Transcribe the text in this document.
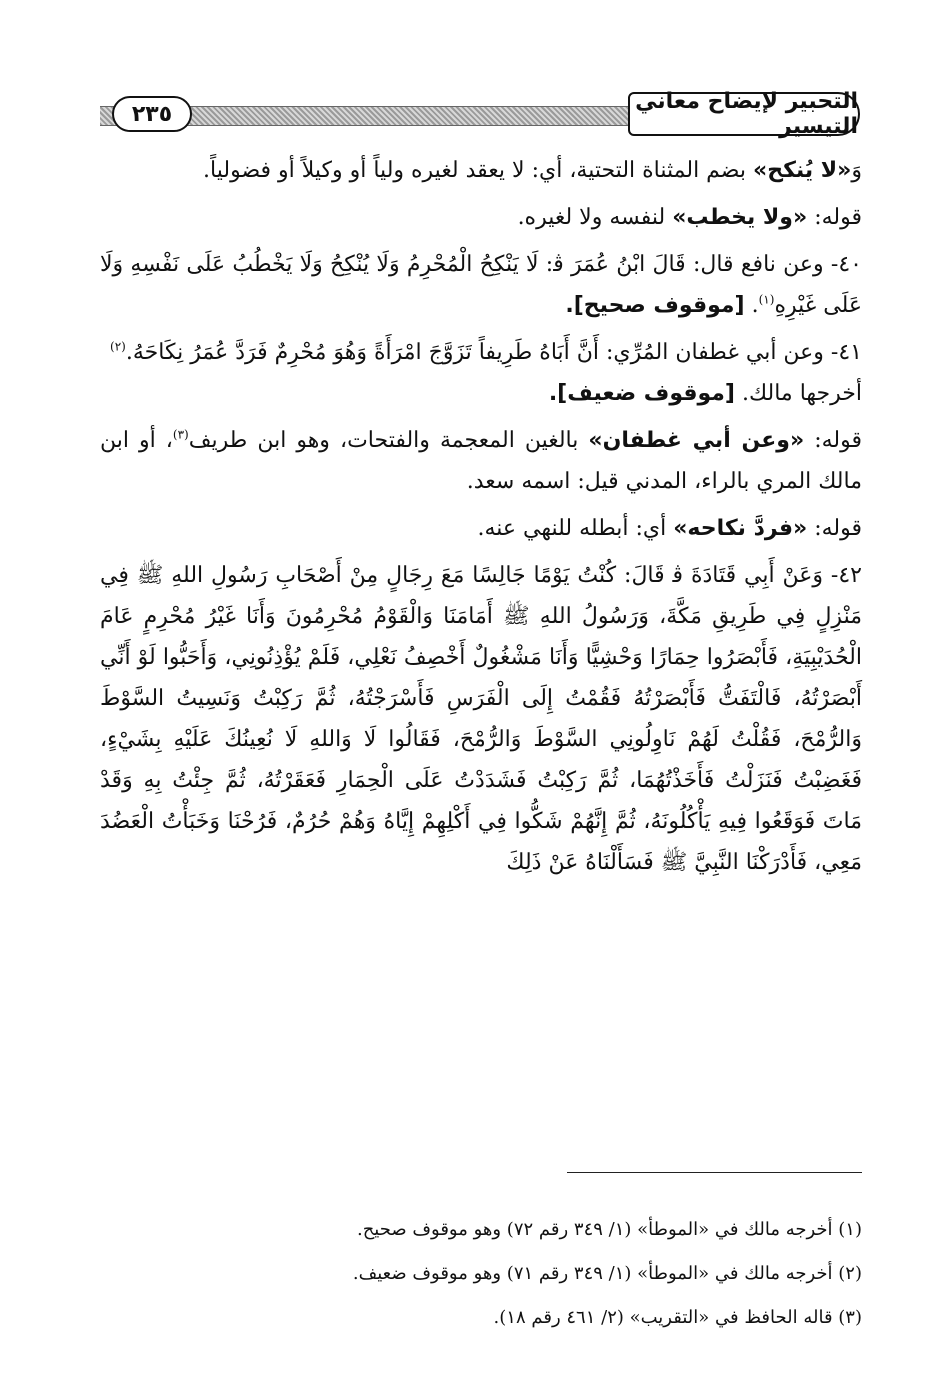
التحبير لإيضاح معاني التيسير
٢٣٥

وَ«لا يُنكح» بضم المثناة التحتية، أي: لا يعقد لغيره ولياً أو وكيلاً أو فضولياً.

قوله: «ولا يخطب» لنفسه ولا لغيره.

٤٠- وعن نافع قال: قَالَ ابْنُ عُمَرَ ﭬ: لَا يَنْكِحُ الْمُحْرِمُ وَلَا يُنْكِحُ وَلَا يَخْطُبُ عَلَى نَفْسِهِ وَلَا عَلَى غَيْرِهِ$^{(١)}$. [موقوف صحيح].

٤١- وعن أبي غطفان المُرِّي: أَنَّ أَبَاهُ طَرِيفاً تَزَوَّجَ امْرَأَةً وَهُوَ مُحْرِمٌ فَرَدَّ عُمَرُ نِكَاحَهُ.$^{(٢)}$

أخرجها مالك. [موقوف ضعيف].

قوله: «وعن أبي غطفان» بالغين المعجمة والفتحات، وهو ابن طريف$^{(٣)}$، أو ابن مالك المري بالراء، المدني قيل: اسمه سعد.

قوله: «فردَّ نكاحه» أي: أبطله للنهي عنه.

٤٢- وَعَنْ أَبِي قَتَادَةَ ﭬ قَالَ: كُنْتُ يَوْمًا جَالِسًا مَعَ رِجَالٍ مِنْ أَصْحَابِ رَسُولِ اللهِ ﷺ فِي مَنْزِلٍ فِي طَرِيقِ مَكَّةَ، وَرَسُولُ اللهِ ﷺ أَمَامَنَا وَالْقَوْمُ مُحْرِمُونَ وَأَنَا غَيْرُ مُحْرِمٍ عَامَ الْحُدَيْبِيَةِ، فَأَبْصَرُوا حِمَارًا وَحْشِيًّا وَأَنَا مَشْغُولٌ أَخْصِفُ نَعْلِي، فَلَمْ يُؤْذِنُونِي، وَأَحَبُّوا لَوْ أَنِّي أَبْصَرْتُهُ، فَالْتَفَتُّ فَأَبْصَرْتُهُ فَقُمْتُ إِلَى الْفَرَسِ فَأَسْرَجْتُهُ، ثُمَّ رَكِبْتُ وَنَسِيتُ السَّوْطَ وَالرُّمْحَ، فَقُلْتُ لَهُمْ نَاوِلُونِي السَّوْطَ وَالرُّمْحَ، فَقَالُوا لَا وَاللهِ لَا نُعِينُكَ عَلَيْهِ بِشَيْءٍ، فَغَضِبْتُ فَنَزَلْتُ فَأَخَذْتُهُمَا، ثُمَّ رَكِبْتُ فَشَدَدْتُ عَلَى الْحِمَارِ فَعَقَرْتُهُ، ثُمَّ جِئْتُ بِهِ وَقَدْ مَاتَ فَوَقَعُوا فِيهِ يَأْكُلُونَهُ، ثُمَّ إِنَّهُمْ شَكُّوا فِي أَكْلِهِمْ إِيَّاهُ وَهُمْ حُرُمٌ، فَرُحْنَا وَخَبَأْتُ الْعَضُدَ مَعِي، فَأَدْرَكْنَا النَّبِيَّ ﷺ فَسَأَلْنَاهُ عَنْ ذَلِكَ

(١) أخرجه مالك في «الموطأ» (١/ ٣٤٩ رقم ٧٢) وهو موقوف صحيح.

(٢) أخرجه مالك في «الموطأ» (١/ ٣٤٩ رقم ٧١) وهو موقوف ضعيف.

(٣) قاله الحافظ في «التقريب» (٢/ ٤٦١ رقم ١٨).
